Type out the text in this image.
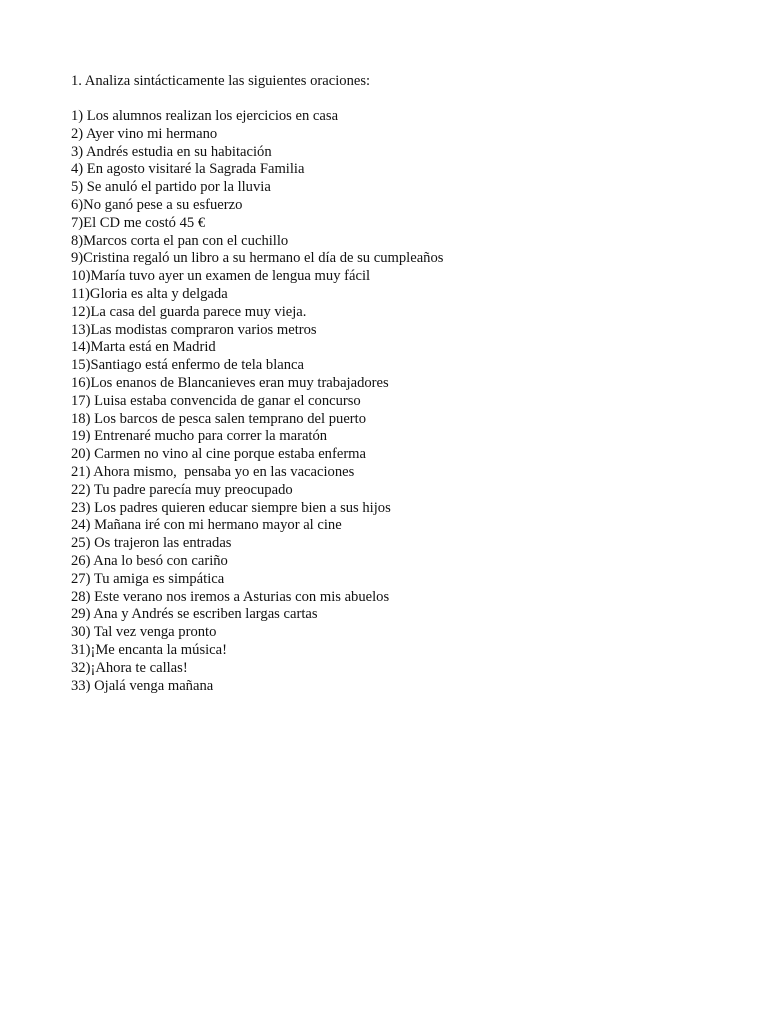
1. Analiza sintácticamente las siguientes oraciones:
1) Los alumnos realizan los ejercicios en casa
2) Ayer vino mi hermano
3) Andrés estudia en su habitación
4) En agosto visitaré la Sagrada Familia
5) Se anuló el partido por la lluvia
6)No ganó pese a su esfuerzo
7)El CD me costó 45 €
8)Marcos corta el pan con el cuchillo
9)Cristina regaló un libro a su hermano el día de su cumpleaños
10)María tuvo ayer un examen de lengua muy fácil
11)Gloria es alta y delgada
12)La casa del guarda parece muy vieja.
13)Las modistas compraron varios metros
14)Marta está en Madrid
15)Santiago está enfermo de tela blanca
16)Los enanos de Blancanieves eran muy trabajadores
17) Luisa estaba convencida de ganar el concurso
18) Los barcos de pesca salen temprano del puerto
19) Entrenaré mucho para correr la maratón
20) Carmen no vino al cine porque estaba enferma
21) Ahora mismo,  pensaba yo en las vacaciones
22) Tu padre parecía muy preocupado
23) Los padres quieren educar siempre bien a sus hijos
24) Mañana iré con mi hermano mayor al cine
25) Os trajeron las entradas
26) Ana lo besó con cariño
27) Tu amiga es simpática
28) Este verano nos iremos a Asturias con mis abuelos
29) Ana y Andrés se escriben largas cartas
30) Tal vez venga pronto
31)¡Me encanta la música!
32)¡Ahora te callas!
33) Ojalá venga mañana
